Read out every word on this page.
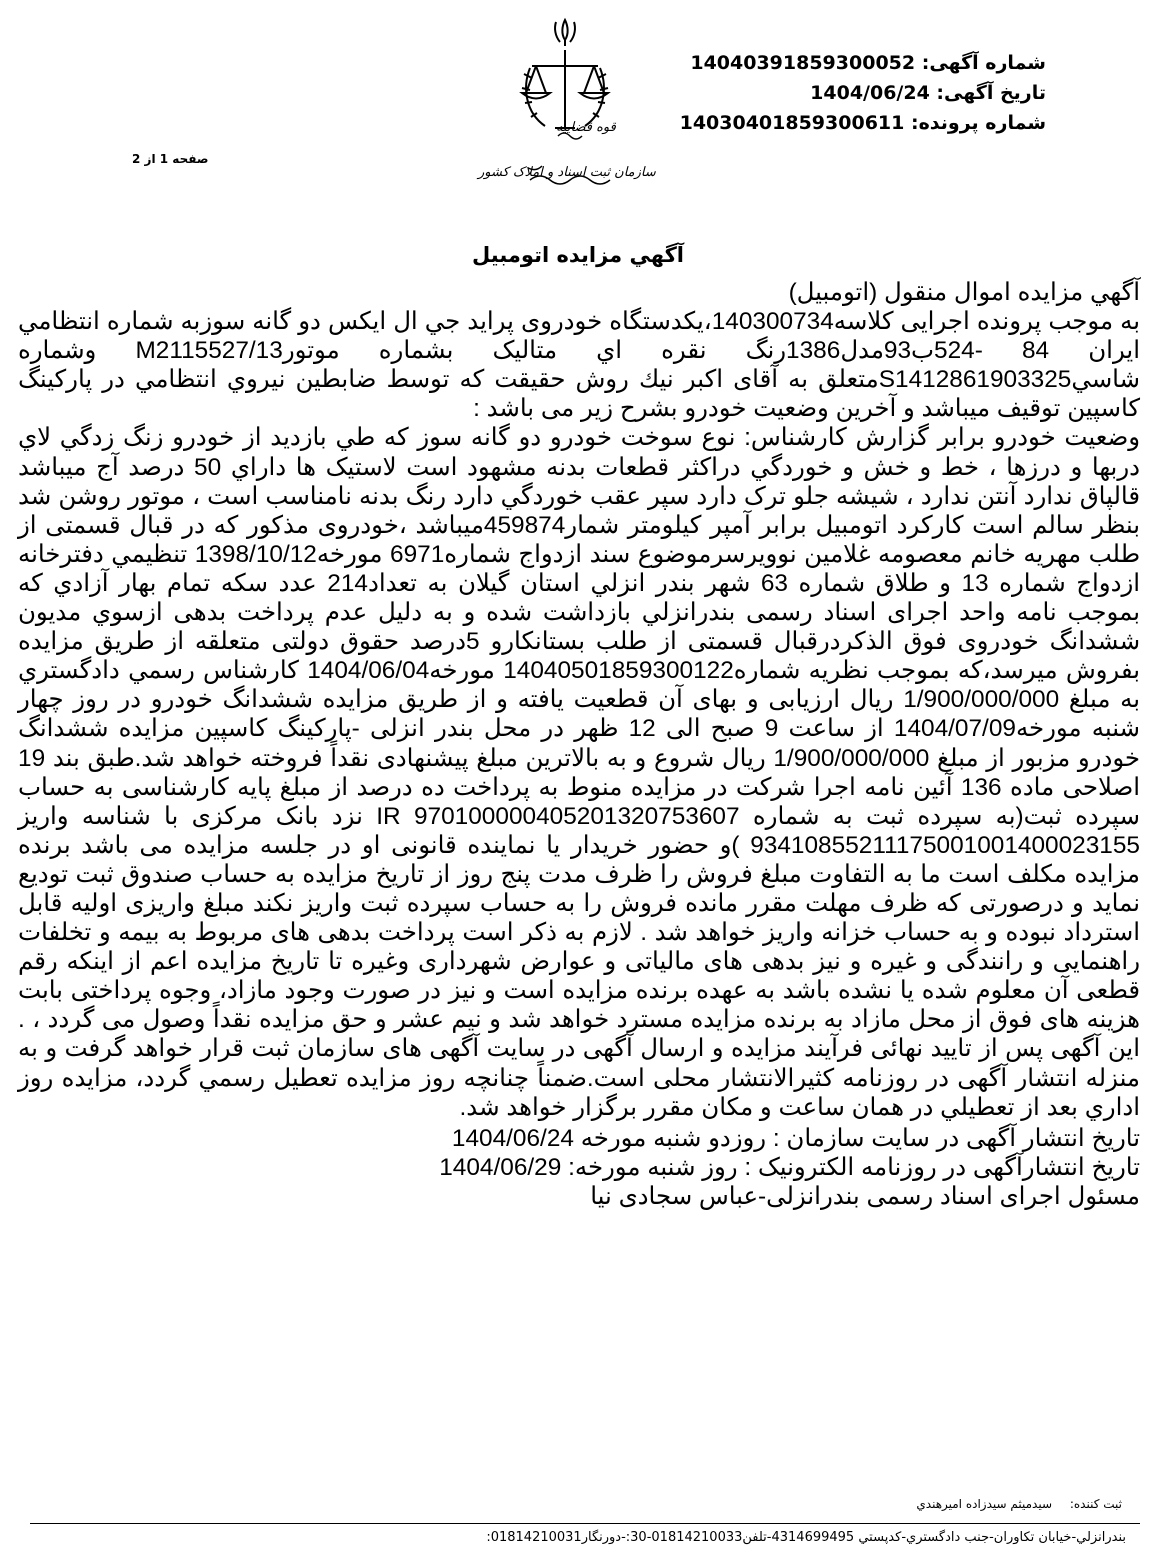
شماره آگهی: 14040391859300052
تاریخ آگهی: 1404/06/24
شماره پرونده: 14030401859300611
صفحه 1 از 2
آگهي مزايده اتومبيل

آگهي مزايده اموال منقول (اتومبيل)

به موجب پرونده اجرایی کلاسه140300734،یکدستگاه خودروی پراید جي ال ايكس دو گانه سوزبه شماره انتظامي ايران 84 -524ب93مدل1386رنگ نقره اي متاليک بشماره موتورM2115527/13 وشماره شاسيS1412861903325متعلق به آقای اکبر نیك روش حقیقت که توسط ضابطین نيروي انتظامي در پارکینگ کاسپین توقیف میباشد و آخرین وضعیت خودرو بشرح زیر می باشد :

وضعیت خودرو برابر گزارش کارشناس: نوع سوخت خودرو دو گانه سوز كه طي بازديد از خودرو زنگ زدگي لاي دربها و درزها ، خط و خش و خوردگي دراكثر قطعات بدنه مشهود است لاستيک ها داراي 50 درصد آج ميباشد قالپاق ندارد آنتن ندارد ، شيشه جلو ترک دارد سپر عقب خوردگي دارد رنگ بدنه نامناسب است ، موتور روشن شد بنظر سالم است كاركرد اتومبيل برابر آمپر كيلومتر شمار459874ميباشد ،خودروی مذکور که در قبال قسمتی از طلب مهریه خانم معصومه غلامين نوويرسرموضوع سند ازدواج شماره6971 مورخه1398/10/12 تنظيمي دفترخانه ازدواج شماره 13 و طلاق شماره 63 شهر بندر انزلي استان گيلان به تعداد214 عدد سكه تمام بهار آزادي كه بموجب نامه واحد اجرای اسناد رسمی بندرانزلي بازداشت شده و به دلیل عدم پرداخت بدهی ازسوي مديون ششدانگ خودروی فوق الذکردرقبال قسمتی از طلب بستانکارو 5درصد حقوق دولتی متعلقه از طریق مزایده بفروش میرسد،که بموجب نظریه شماره14040501859300122 مورخه1404/06/04 کارشناس رسمي دادگستري به مبلغ 1/900/000/000 ريال ارزيابی و بهای آن قطعيت يافته و از طريق مزايده ششدانگ خودرو در روز چهار شنبه مورخه1404/07/09 از ساعت 9 صبح الی 12 ظهر در محل بندر انزلی -پارکینگ کاسپین مزايده ششدانگ خودرو مزبور از مبلغ 1/900/000/000 ريال شروع و به بالاترين مبلغ پیشنهادی نقداً فروخته خواهد شد.طبق بند 19 اصلاحی ماده 136 آئین نامه اجرا شرکت در مزايده منوط به پرداخت ده درصد از مبلغ پايه کارشناسی به حساب سپرده ثبت(به سپرده ثبت به شماره IR 970100000405201320753607 نزد بانک مرکزی با شناسه واریز 93410855211175001001400023155 )و حضور خريدار يا نماينده قانونی او در جلسه مزايده می باشد برنده مزايده مکلف است ما به التفاوت مبلغ فروش را ظرف مدت پنج روز از تاريخ مزايده به حساب صندوق ثبت توديع نمايد و درصورتی که ظرف مهلت مقرر مانده فروش را به حساب سپرده ثبت واريز نکند مبلغ واريزی اوليه قابل استرداد نبوده و به حساب خزانه واريز خواهد شد . لازم به ذکر است پرداخت بدهی های مربوط به بیمه و تخلفات راهنمایی و رانندگی و غیره و نیز بدهی های مالیاتی و عوارض شهرداری وغیره تا تاریخ مزایده اعم از اینکه رقم قطعی آن معلوم شده یا نشده باشد به عهده برنده مزایده است و نیز در صورت وجود مازاد، وجوه پرداختی بابت هزینه های فوق از محل مازاد به برنده مزایده مسترد خواهد شد و نیم عشر و حق مزایده نقداً وصول می گردد ، . این آگهی پس از تایید نهائی فرآیند مزایده و ارسال آگهی در سایت آگهی های سازمان ثبت قرار خواهد گرفت و به منزله انتشار آگهی در روزنامه کثیرالانتشار محلی است.ضمناً چنانچه روز مزايده تعطيل رسمي گردد، مزايده روز اداري بعد از تعطيلي در همان ساعت و مكان مقرر برگزار خواهد شد.

تاریخ انتشار آگهی در سایت سازمان : روزدو شنبه مورخه 1404/06/24

تاریخ انتشارآگهی در روزنامه الکترونیک : روز شنبه مورخه: 1404/06/29

مسئول اجرای اسناد رسمی بندرانزلی-عباس سجادی نیا

ثبت کننده: سیدمیثم سیدزاده امیرهندي
بندرانزلي-خيابان تكاوران-جنب دادگستري-كدپستي 4314699495-تلفن01814210033-30:-دورنگار01814210031:
قوه قضاییه
سازمان ثبت اسناد و املاک کشور
